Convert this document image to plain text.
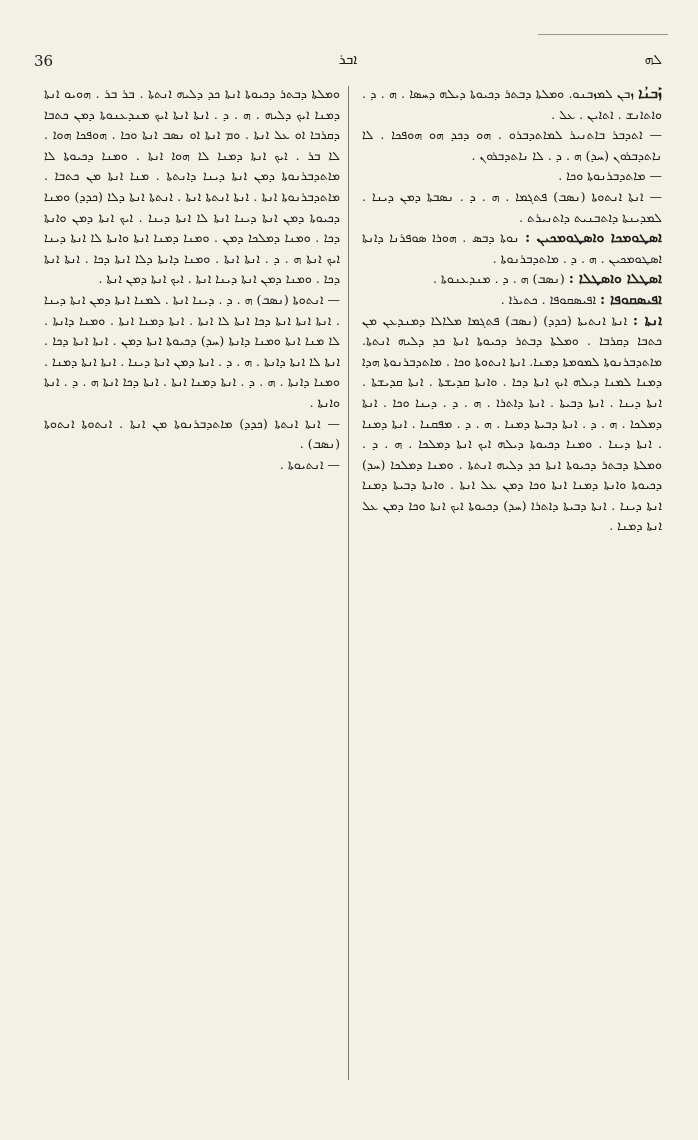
36	ܐܒܪ	ܠܗ

ܙܰܒܢܳܐ ܙܒܢ ܠܡܙܒܢܘ. ܘܡܠܬܐ ܕܒܬܪ ܕܟܝܘܬܐ ܕܝܠܗ ܕܚܣܐ . ܗ . ܕ . ܘܐܬܐܢܫ . ܐܬܐܝܢ . ܥܠ .

— ܐܬܕܒܪ ܒܐܬܢܝܪ ܠܡܐܬܕܒܪܘ . ܗܘ ܕܟܕ ܗܘ ܗܘܦܟܐ . ܠܐ ܢܐܬܕܒܪܘܢ (ܚܕ) ܗ . ܕ . ܠܐ ܢܐܬܕܒܪܘܢ .

— ܡܐܬܕܒܪܢܘܬܐ ܘܟܐ .

— ܐܢܬܐ ܐܢܬܘܬܐ (ܢܣܒ) ܦܬܓܡܐ . ܗ . ܕ . ܢܣܒܬܐ ܕܡܢ ܕܝܢܐ . ܠܡܕܝܢܬܐ ܕܐܬܒܢܝܬ ܕܐܬܢܝܪܬ .

ܐܣܛܘܡܟܐ ܘܐܣܛܘܡܟܝܢ : ܢܘܬܐ ܕܒܣ . ܗܘܪܐ ܣܘܦܪܢܐ ܕܐܢܬܐ ܐܣܛܘܡܟܝܢ . ܗ . ܕ . ܡܐܬܕܒܪܢܘܬܐ .

ܐܣܛܠܐ ܘܐܣܛܠܐ : (ܢܣܒ) ܗ . ܕ . ܡܢܕܥܢܘܬܐ .

ܐܦܝܣܩܘܦܐ : ܐܦܝܣܩܘܦܐ . ܟܬܝܪܐ .

ܐܢܬܐ : ܐܢܬܐ ܐܢܬܝܬܐ (ܟܕܕ) (ܢܣܒ) ܦܬܓܡܐ ܡܠܐܠܐ ܕܡܢܕܥܢ ܡܢ ܟܬܒܐ ܕܩܪܒܐ . ܘܡܠܬܐ ܕܒܬܪ ܕܟܝܘܬܐ ܐܢܬܐ ܟܕ ܕܠܝܗ ܐܢܬܬܐ. ܡܐܬܕܒܪܢܘܬܐ ܠܡܘܡܬܐ ܕܡܢܐ. ܐܢܬܐ ܐܢܬܘܬܐ ܘܟܐ . ܡܐܬܕܒܪܢܘܬܐ ܗܕܐ ܕܡܢܐ ܠܡܢܐ ܕܝܠܗ ܐܝܟ ܐܢܬܐ ܕܟܐ . ܘܐܢܬܐ ܩܕܝܫܬܐ . ܐܢܬܐ ܩܕܝܫܬܐ . ܐܢܬܐ ܕܝܢܐ . ܐܢܬܐ ܕܒܝܬܐ . ܐܢܬܐ ܕܐܬܪܐ . ܗ . ܕ . ܕܝܢܐ ܘܟܐ . ܐܢܬܐ ܕܡܠܟܐ . ܗ . ܕ . ܐܢܬܐ ܕܒܝܬܐ ܕܡܢܐ . ܗ . ܕ . ܡܦܩܢܐ . ܐܢܬܐ ܕܡܢܐ . ܐܢܬܐ ܕܝܢܐ . ܘܡܢܐ ܕܟܝܘܬܐ ܕܝܠܗ ܐܝܟ ܐܢܬܐ ܕܡܠܟܐ . ܗ . ܕ . ܘܡܠܬܐ ܕܒܬܪ ܕܟܝܘܬܐ ܐܢܬܐ ܟܕ ܕܠܝܗ ܐܢܬܬܐ . ܘܡܢܐ ܕܡܠܟܐ (ܚܕ) ܕܟܝܘܬܐ ܘܐܢܬܐ ܕܡܢܐ ܐܢܬܐ ܘܟܐ ܕܡܢ ܥܠ ܐܢܬܐ . ܘܐܢܬܐ ܕܒܝܬܐ ܕܡܢܐ ܐܢܬܐ ܕܝܢܐ . ܐܢܬܐ ܕܒܝܬܐ ܕܐܬܪܐ (ܚܕ) ܕܟܝܘܬܐ ܐܝܟ ܐܢܬܐ ܘܟܐ ܕܡܢ ܥܠ ܐܢܬܐ ܕܡܢܐ .

ܘܡܠܬܐ ܕܒܬܪ ܕܟܝܘܬܐ ܐܢܬܐ ܟܕ ܕܠܝܗ ܐܢܬܬܐ . ܒܪ ܒܪ . ܗܘܝܘ ܐܢܬܐ ܕܡܢܐ ܐܝܟ ܕܠܝܗ . ܗ . ܕ . ܐܢܬܐ ܐܢܬܐ ܐܝܟ ܡܢܕܥܢܘܬܐ ܕܡܢ ܟܬܒܐ ܕܩܪܒܐ ܐܘ ܥܠ ܐܢܬܐ . ܘܡ ܐܢܬܐ ܐܘ ܢܣܒ ܐܢܬܐ ܘܟܐ . ܗܘܦܟܐ ܗܘܐ . ܠܐ ܒܪ . ܐܝܟ ܐܢܬܐ ܕܡܢܐ ܠܐ ܗܘܐ ܐܢܬܐ . ܘܡܢܐ ܕܟܝܘܬܐ ܠܐ ܡܐܬܕܒܪܢܘܬܐ ܕܡܢ ܐܢܬܐ ܕܝܢܐ ܕܐܢܬܬܐ . ܡܢܐ ܐܢܬܐ ܡܢ ܟܬܒܐ . ܡܐܬܕܒܪܢܘܬܐ ܐܢܬܐ . ܐܢܬܐ ܐܢܬܬܐ ܐܢܬܐ . ܐܢܬܬܐ ܐܢܬܐ ܕܠܐ (ܟܕܕ) ܘܡܢܐ ܕܟܝܘܬܐ ܕܡܢ ܐܢܬܐ ܕܝܢܐ ܐܢܬܐ ܠܐ ܐܢܬܐ ܕܝܢܐ . ܐܝܟ ܐܢܬܐ ܕܡܢ ܘܐܢܬܐ ܕܟܐ . ܘܡܢܐ ܕܡܠܟܐ ܕܡܢ . ܘܡܢܐ ܕܡܢܐ ܐܢܬܐ ܘܐܢܬܐ ܠܐ ܐܢܬܐ ܕܝܢܐ ܐܝܟ ܐܢܬܐ ܗ . ܕ . ܐܢܬܐ ܐܢܬܐ . ܘܡܢܐ ܕܐܢܬܐ ܕܠܐ ܐܢܬܐ ܕܟܐ . ܐܢܬܐ ܐܢܬܐ ܕܟܐ . ܘܡܢܐ ܕܡܢ ܐܢܬܐ ܕܝܢܐ ܐܢܬܐ . ܐܝܟ ܐܢܬܐ ܕܡܢ ܐܢܬܐ .

— ܐܢܬܘܬܐ (ܢܣܒ) ܗ . ܕ . ܕܝܢܐ ܐܢܬܐ . ܠܡܢܐ ܐܢܬܐ ܕܡܢ ܐܢܬܐ ܕܝܢܐ . ܐܢܬܐ ܐܢܬܐ ܐܢܬܐ ܕܟܐ ܐܢܬܐ ܠܐ ܐܢܬܐ . ܐܢܬܐ ܕܡܢܐ ܐܢܬܐ . ܘܡܢܐ ܕܐܢܬܐ . ܠܐ ܡܢܐ ܐܢܬܐ ܘܡܢܐ ܕܐܢܬܐ (ܚܕ) ܕܟܝܘܬܐ ܐܢܬܐ ܕܡܢ . ܐܢܬܐ ܐܢܬܐ ܕܟܐ . ܐܢܬܐ ܠܐ ܐܢܬܐ ܕܐܢܬܐ . ܗ . ܕ . ܐܢܬܐ ܕܡܢ ܐܢܬܐ ܕܝܢܐ . ܐܢܬܐ ܐܢܬܐ ܕܡܢܐ . ܘܡܢܐ ܕܐܢܬܐ . ܗ . ܕ . ܐܢܬܐ ܕܡܢܐ ܐܢܬܐ . ܐܢܬܐ ܕܟܐ ܐܢܬܐ ܗ . ܕ . ܐܢܬܐ ܘܐܢܬܐ .

— ܐܢܬܐ ܐܢܬܬܐ (ܟܕܕ) ܡܐܬܕܒܪܢܘܬܐ ܡܢ ܐܢܬܐ . ܐܢܬܘܬܐ ܐܢܬܘܬܐ (ܢܣܒ) .

— ܐܢܬܝܘܬܐ .
